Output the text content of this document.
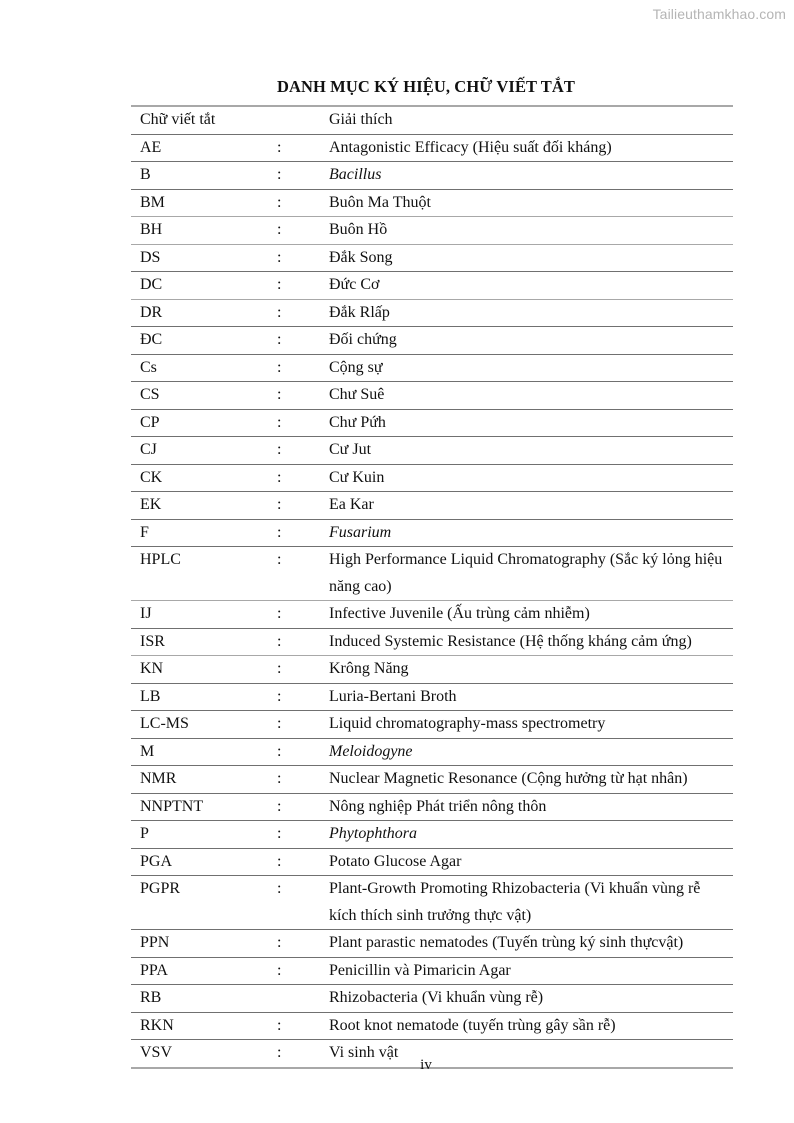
Tailieuthamkhao.com
DANH MỤC KÝ HIỆU, CHỮ VIẾT TẮT
Chữ viết tắt		Giải thích
AE	:	Antagonistic Efficacy (Hiệu suất đối kháng)
B	:	Bacillus
BM	:	Buôn Ma Thuột
BH	:	Buôn Hồ
DS	:	Đắk Song
DC	:	Đức Cơ
DR	:	Đắk Rlấp
ĐC	:	Đối chứng
Cs	:	Cộng sự
CS	:	Chư Suê
CP	:	Chư Pứh
CJ	:	Cư Jut
CK	:	Cư Kuin
EK	:	Ea Kar
F	:	Fusarium
HPLC	:	High Performance Liquid Chromatography (Sắc ký lỏng hiệu năng cao)
IJ	:	Infective Juvenile (Ấu trùng cảm nhiễm)
ISR	:	Induced Systemic Resistance (Hệ thống kháng cảm ứng)
KN	:	Krông Năng
LB	:	Luria-Bertani Broth
LC-MS	:	Liquid chromatography-mass spectrometry
M	:	Meloidogyne
NMR	:	Nuclear Magnetic Resonance (Cộng hưởng từ hạt nhân)
NNPTNT	:	Nông nghiệp Phát triển nông thôn
P	:	Phytophthora
PGA	:	Potato Glucose Agar
PGPR	:	Plant-Growth Promoting Rhizobacteria (Vi khuẩn vùng rễ kích thích sinh trưởng thực vật)
PPN	:	Plant parastic nematodes (Tuyến trùng ký sinh thựcvật)
PPA	:	Penicillin và Pimaricin Agar
RB		Rhizobacteria (Vi khuẩn vùng rễ)
RKN	:	Root knot nematode (tuyến trùng gây sần rễ)
VSV	:	Vi sinh vật
iv
